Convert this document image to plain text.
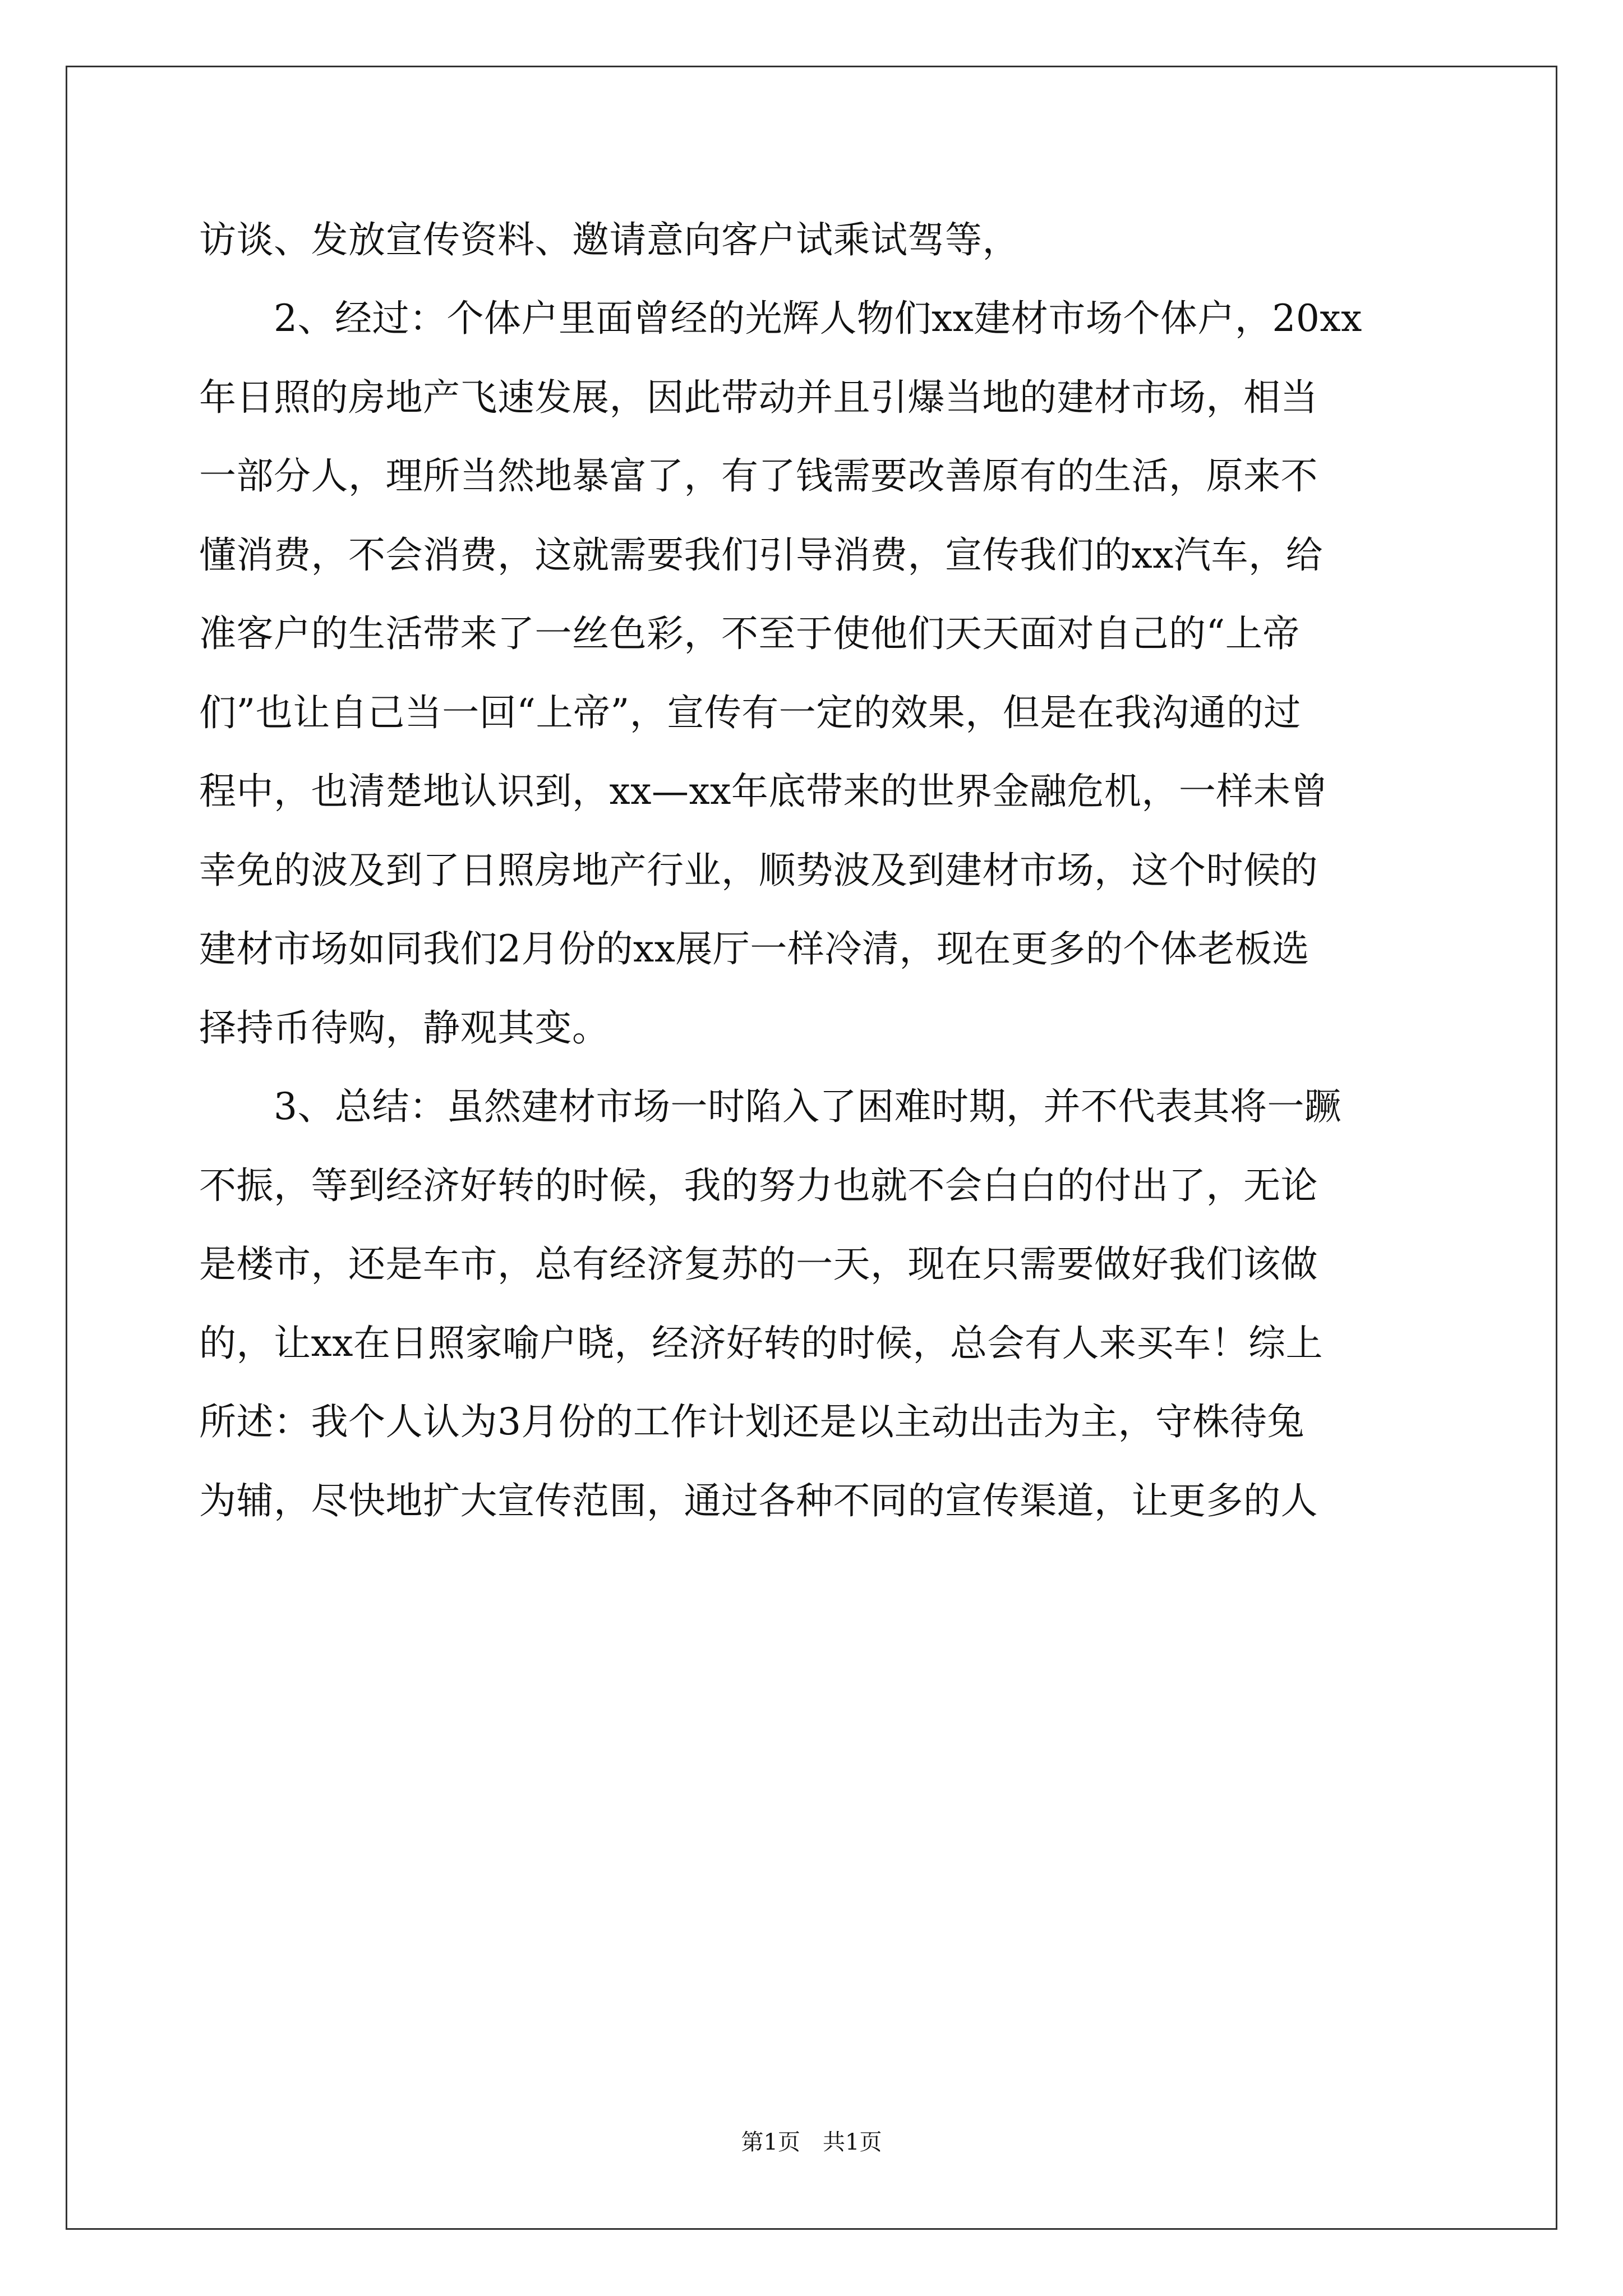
访谈、发放宣传资料、邀请意向客户试乘试驾等，
　　2、经过：个体户里面曾经的光辉人物们xx建材市场个体户，20xx
年日照的房地产飞速发展，因此带动并且引爆当地的建材市场，相当
一部分人，理所当然地暴富了，有了钱需要改善原有的生活，原来不
懂消费，不会消费，这就需要我们引导消费，宣传我们的xx汽车，给
准客户的生活带来了一丝色彩，不至于使他们天天面对自己的“上帝
们”也让自己当一回“上帝”，宣传有一定的效果，但是在我沟通的过
程中，也清楚地认识到，xx—xx年底带来的世界金融危机，一样未曾
幸免的波及到了日照房地产行业，顺势波及到建材市场，这个时候的
建材市场如同我们2月份的xx展厅一样冷清，现在更多的个体老板选
择持币待购，静观其变。
　　3、总结：虽然建材市场一时陷入了困难时期，并不代表其将一蹶
不振，等到经济好转的时候，我的努力也就不会白白的付出了，无论
是楼市，还是车市，总有经济复苏的一天，现在只需要做好我们该做
的，让xx在日照家喻户晓，经济好转的时候，总会有人来买车！综上
所述：我个人认为3月份的工作计划还是以主动出击为主，守株待兔
为辅，尽快地扩大宣传范围，通过各种不同的宣传渠道，让更多的人
第1页　共1页
